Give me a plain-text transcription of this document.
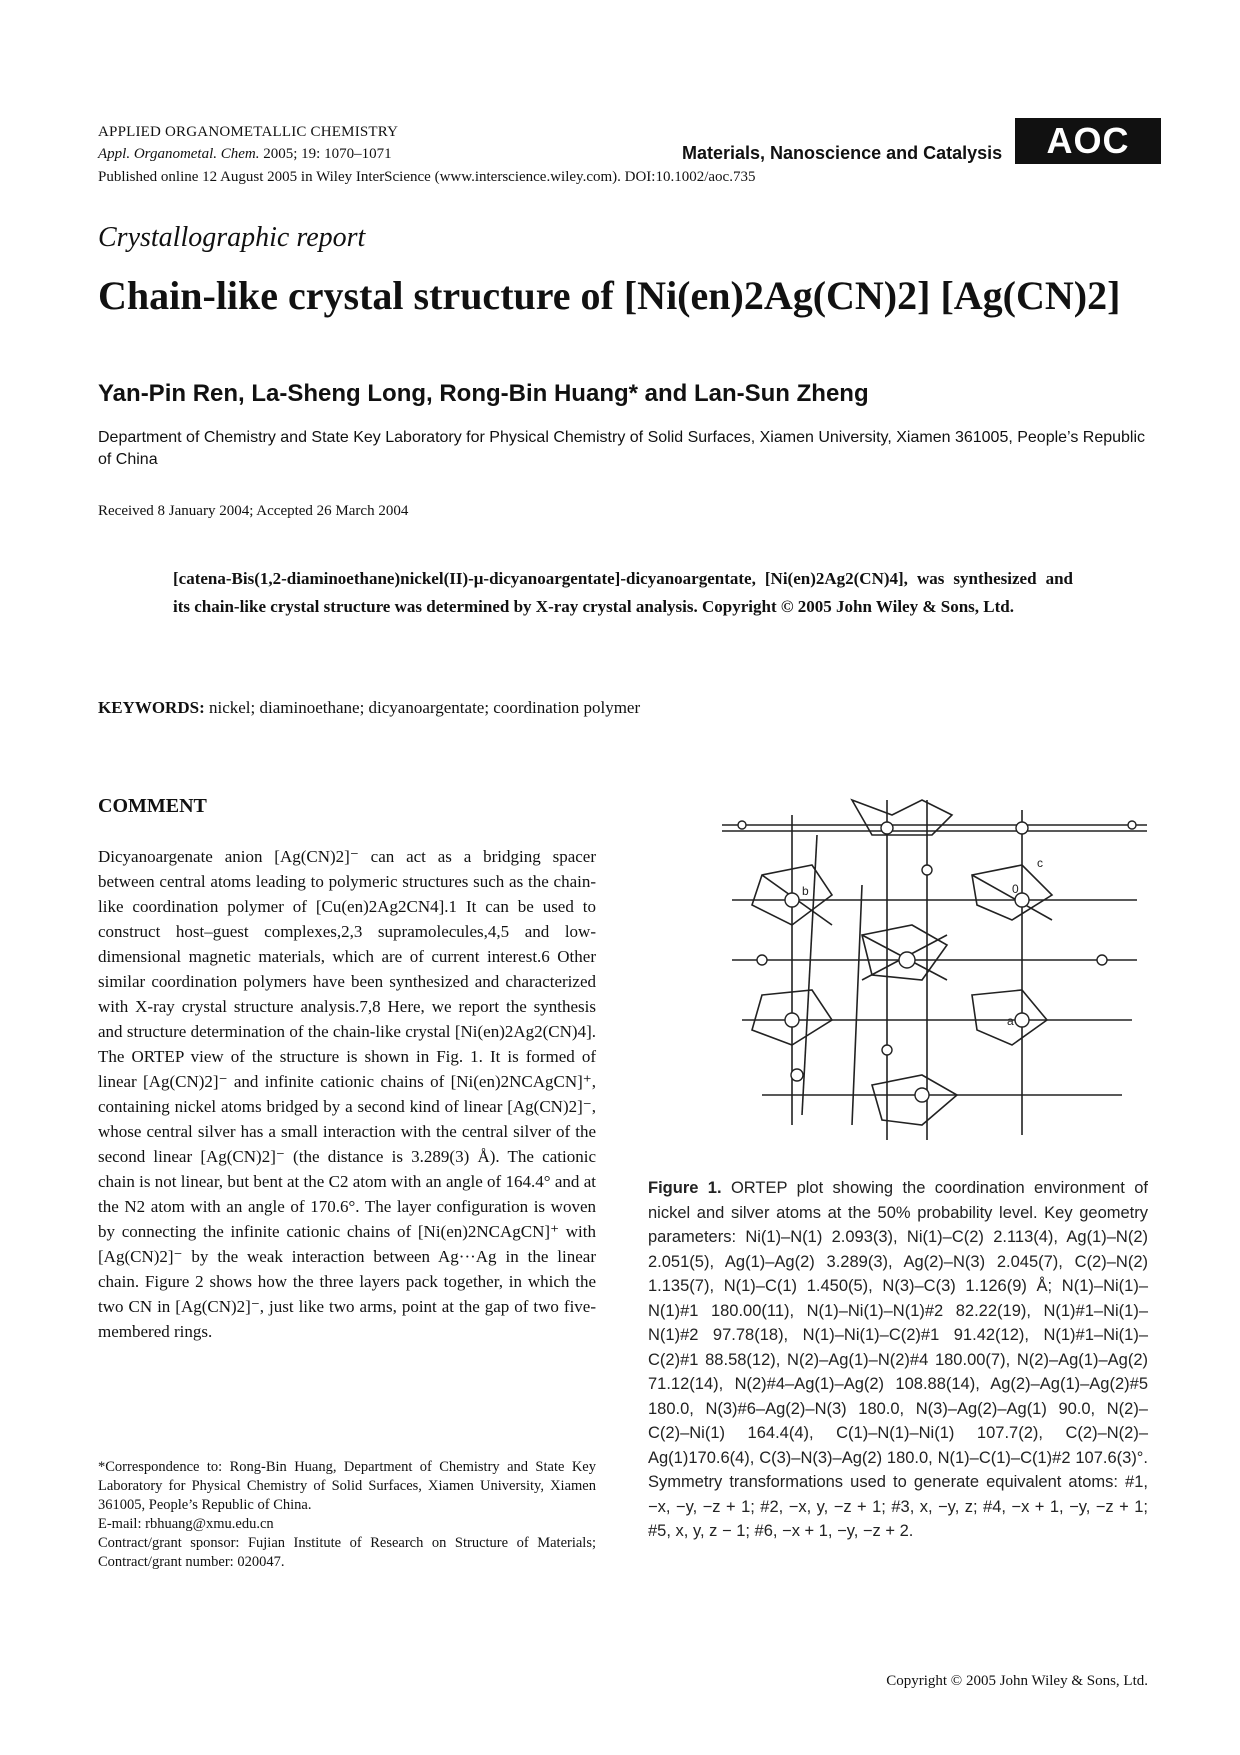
APPLIED ORGANOMETALLIC CHEMISTRY
Appl. Organometal. Chem. 2005; 19: 1070–1071
Published online 12 August 2005 in Wiley InterScience (www.interscience.wiley.com). DOI:10.1002/aoc.735
Materials, Nanoscience and Catalysis	AOC
Crystallographic report
Chain-like crystal structure of [Ni(en)2Ag(CN)2] [Ag(CN)2]
Yan-Pin Ren, La-Sheng Long, Rong-Bin Huang* and Lan-Sun Zheng
Department of Chemistry and State Key Laboratory for Physical Chemistry of Solid Surfaces, Xiamen University, Xiamen 361005, People’s Republic of China
Received 8 January 2004; Accepted 26 March 2004
[catena-Bis(1,2-diaminoethane)nickel(II)-μ-dicyanoargentate]-dicyanoargentate, [Ni(en)2Ag2(CN)4], was synthesized and its chain-like crystal structure was determined by X-ray crystal analysis. Copyright © 2005 John Wiley & Sons, Ltd.
KEYWORDS: nickel; diaminoethane; dicyanoargentate; coordination polymer
COMMENT
Dicyanoargenate anion [Ag(CN)2]⁻ can act as a bridging spacer between central atoms leading to polymeric structures such as the chain-like coordination polymer of [Cu(en)2Ag2CN4].1 It can be used to construct host–guest complexes,2,3 supramolecules,4,5 and low-dimensional magnetic materials, which are of current interest.6 Other similar coordination polymers have been synthesized and characterized with X-ray crystal structure analysis.7,8 Here, we report the synthesis and structure determination of the chain-like crystal [Ni(en)2Ag2(CN)4]. The ORTEP view of the structure is shown in Fig. 1. It is formed of linear [Ag(CN)2]⁻ and infinite cationic chains of [Ni(en)2NCAgCN]⁺, containing nickel atoms bridged by a second kind of linear [Ag(CN)2]⁻, whose central silver has a small interaction with the central silver of the second linear [Ag(CN)2]⁻ (the distance is 3.289(3) Å). The cationic chain is not linear, but bent at the C2 atom with an angle of 164.4° and at the N2 atom with an angle of 170.6°. The layer configuration is woven by connecting the infinite cationic chains of [Ni(en)2NCAgCN]⁺ with [Ag(CN)2]⁻ by the weak interaction between Ag···Ag in the linear chain. Figure 2 shows how the three layers pack together, in which the two CN in [Ag(CN)2]⁻, just like two arms, point at the gap of two five-membered rings.
*Correspondence to: Rong-Bin Huang, Department of Chemistry and State Key Laboratory for Physical Chemistry of Solid Surfaces, Xiamen University, Xiamen 361005, People’s Republic of China.
E-mail: rbhuang@xmu.edu.cn
Contract/grant sponsor: Fujian Institute of Research on Structure of Materials; Contract/grant number: 020047.
c
b	0
a
Figure 1. ORTEP plot showing the coordination environment of nickel and silver atoms at the 50% probability level. Key geometry parameters: Ni(1)–N(1) 2.093(3), Ni(1)–C(2) 2.113(4), Ag(1)–N(2) 2.051(5), Ag(1)–Ag(2) 3.289(3), Ag(2)–N(3) 2.045(7), C(2)–N(2) 1.135(7), N(1)–C(1) 1.450(5), N(3)–C(3) 1.126(9) Å; N(1)–Ni(1)–N(1)#1 180.00(11), N(1)–Ni(1)–N(1)#2 82.22(19), N(1)#1–Ni(1)–N(1)#2 97.78(18), N(1)–Ni(1)–C(2)#1 91.42(12), N(1)#1–Ni(1)–C(2)#1 88.58(12), N(2)–Ag(1)–N(2)#4 180.00(7), N(2)–Ag(1)–Ag(2) 71.12(14), N(2)#4–Ag(1)–Ag(2) 108.88(14), Ag(2)–Ag(1)–Ag(2)#5 180.0, N(3)#6–Ag(2)–N(3) 180.0, N(3)–Ag(2)–Ag(1) 90.0, N(2)–C(2)–Ni(1) 164.4(4), C(1)–N(1)–Ni(1) 107.7(2), C(2)–N(2)–Ag(1)170.6(4), C(3)–N(3)–Ag(2) 180.0, N(1)–C(1)–C(1)#2 107.6(3)°. Symmetry transformations used to generate equivalent atoms: #1, −x, −y, −z + 1; #2, −x, y, −z + 1; #3, x, −y, z; #4, −x + 1, −y, −z + 1; #5, x, y, z − 1; #6, −x + 1, −y, −z + 2.
Copyright © 2005 John Wiley & Sons, Ltd.
